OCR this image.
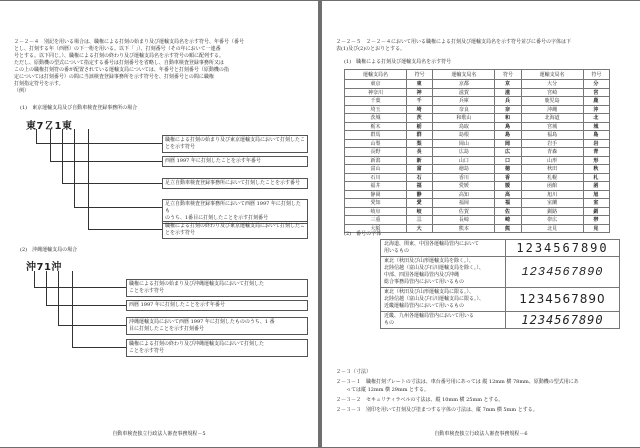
２－２－４　別記を用いる場合は、職権による打刻の始まり及び運輸支局名を示す符号、年番号（番号
とし、打刻する年（西暦）の下一桁を用いる。以下「 」）、打刻番号（その年において一連番
号とする。以下同じ。）、職権による打刻の終わり及び運輸支局名を示す符号の順に配列する。
ただし、原動機の型式について指定する番号は打刻番号を省略し、自動車検査登録事務所又は
この上の職権打刻符の番が配置されている運輸支局については、年番号と打刻番号（原動機の指
定については打刻番号）の間に当該検査登録事務所を示す符号を、打刻番号との間に職権
打刻指定符号を示す。
（例）
(1)　東京運輸支局及び自動車検査登録事務所の場合
東7Ｚ1東
職権による打刻の始まり及び東京運輸支局において打刻したこ
とを示す符号
西暦 1997 年に打刻したことを示す年番号
足立自動車検査登録事務所において打刻したことを示す番号
足立自動車検査登録事務所において西暦 1997 年に打刻したも
のうち、1番目に打刻したことを示す打刻番号
職権による打刻の終わり及び東京運輸支局において打刻したこ
とを示す符号
(2)　沖縄運輸支局の場合
沖71沖
職権による打刻の始まり及び沖縄運輸支局において打刻した
ことを示す符号
西暦 1997 年に打刻したことを示す年番号
沖縄運輸支局において西暦 1997 年に打刻したもののうち、1 番
目に打刻したことを示す打刻番号
職権による打刻の終わり及び沖縄運輸支局において打刻した
ことを示す符号
自動車検査独立行政法人審査事務規程－5
２－２－５　２－２－４において用いる職権による打刻及び運輸支局名を示す符号並びに番号の字体は下
表(1)及び(2)のとおりとする。
(1)　職権による打刻及び運輸支局名を示す符号
運輸支局名	符号	運輸支局名	符号	運輸支局名	符号
東京	東	京都	京	大分	分
神奈川	神	滋賀	滋	宮崎	宮
千葉	千	兵庫	兵	鹿児島	鹿
埼玉	埼	奈良	奈	沖縄	沖
茨城	茨	和歌山	和	北海道	北
栃木	栃	鳥取	鳥	宮城	城
群馬	群	島根	島	福島	島
山梨	梨	岡山	岡	岩手	岩
長野	長	広島	広	青森	青
新潟	新	山口	口	山形	形
富山	富	徳島	徳	秋田	秋
石川	石	香川	香	札幌	札
福井	福	愛媛	媛	函館	函
静岡	静	高知	高	旭川	旭
愛知	愛	福岡	福	室蘭	室
岐阜	岐	佐賀	佐	釧路	釧
三重	三	長崎	崎	帯広	帯
大阪	大	熊本	熊	北見	見
(2)　番号の字体
北海道、関東、中国各運輸局管内において
用いるもの	1234567890

東北（秋田及び山形運輸支局を除く。）、
北陸信越（富山及び石川運輸支局を除く。）、
中部、四国各運輸局管内及び沖縄
総合事務局管内において用いるもの	1234567890

東北（秋田及び山形運輸支局に限る。）、
北陸信越（富山及び石川運輸支局に限る。）、
近畿運輸局管内において用いるもの	1234567890

近畿、九州各運輸局管内において用いる
もの	1234567890
２－３（寸法）
２－３－１　職権打刻プレートの寸法は、車台番号用にあっては 縦 12mm 横 78mm、原動機の型式用にあ
っては縦 12mm 横 29mm とする。
２－３－２　セキュリティラベルの寸法は、縦 10mm 横 25mm とする。
２－３－３　別印を用いて打刻及び塗まつする字体の寸法は、縦 7mm 横 5mm とする。
自動車検査独立行政法人審査事務規程－6
